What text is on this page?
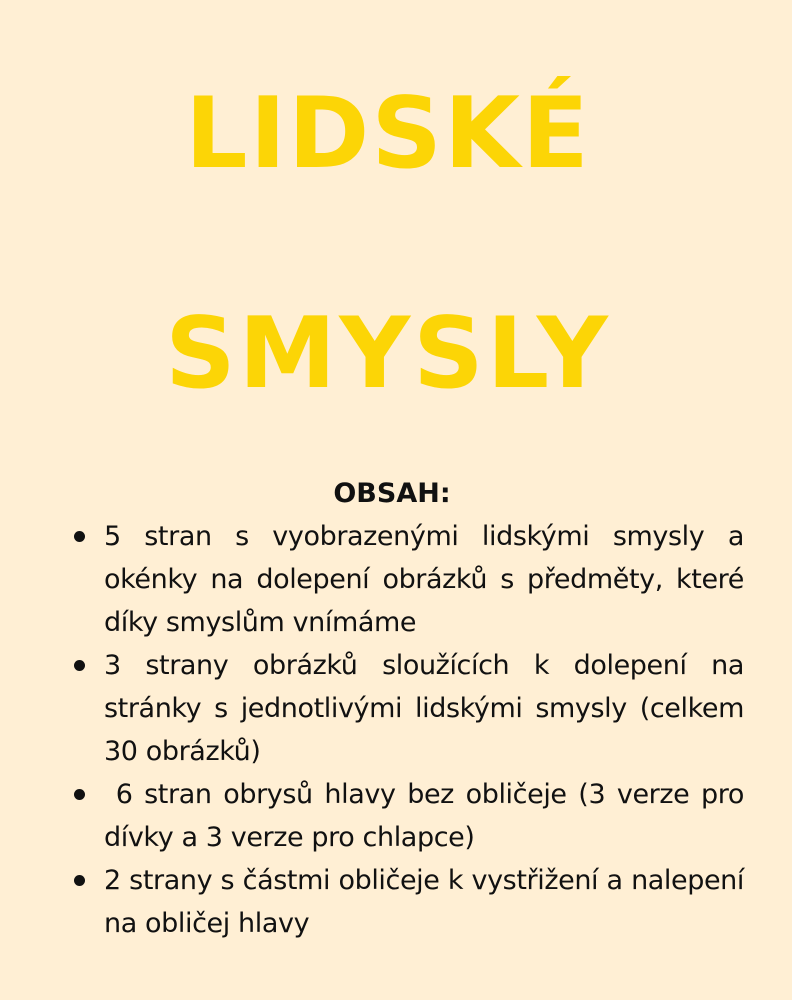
LIDSKÉ
SMYSLY
OBSAH:
5 stran s vyobrazenými lidskými smysly a okénky na dolepení obrázků s předměty, které díky smyslům vnímáme
3 strany obrázků sloužících k dolepení na stránky s jednotlivými lidskými smysly (celkem 30 obrázků)
6 stran obrysů hlavy bez obličeje (3 verze pro dívky a 3 verze pro chlapce)
2 strany s částmi obličeje k vystřižení a nalepení na obličej hlavy
